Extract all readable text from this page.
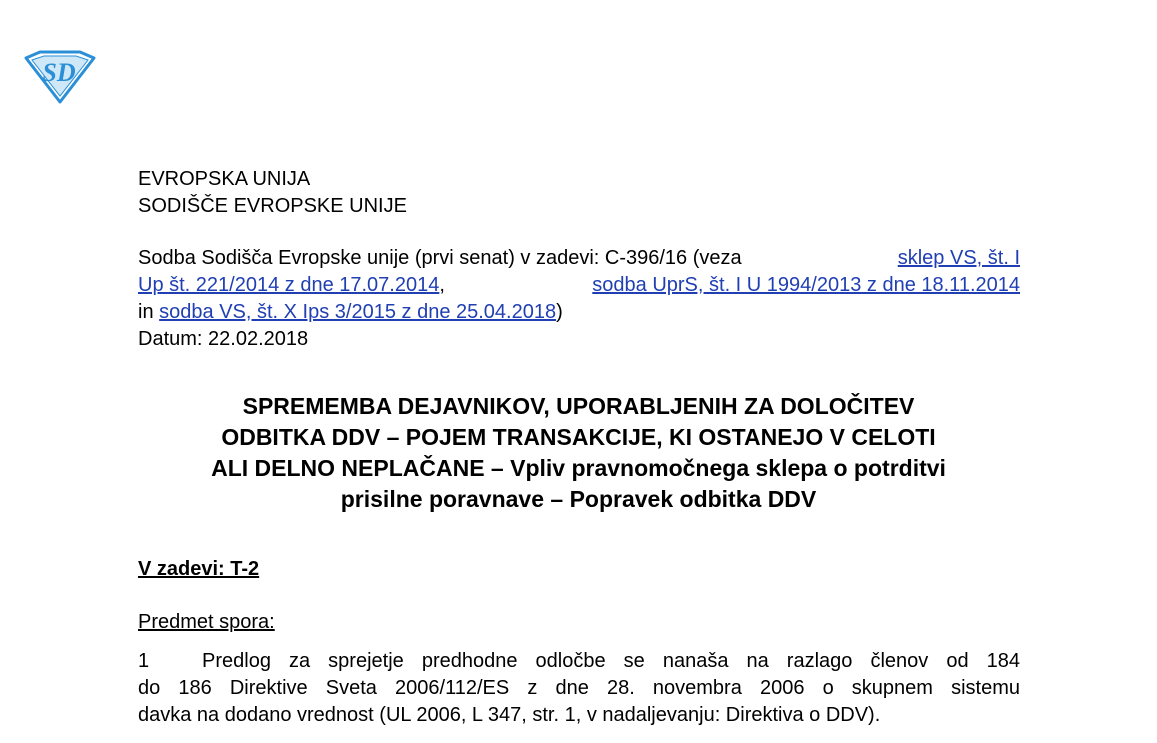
SD
EVROPSKA UNIJA
SODIŠČE EVROPSKE UNIJE
Sodba Sodišča Evropske unije (prvi senat) v zadevi: C-396/16 (veza	sklep VS, št. I
Up št. 221/2014 z dne 17.07.2014,	sodba UprS, št. I U 1994/2013 z dne 18.11.2014
in sodba VS, št. X Ips 3/2015 z dne 25.04.2018)
Datum: 22.02.2018
SPREMEMBA DEJAVNIKOV, UPORABLJENIH ZA DOLOČITEV
ODBITKA DDV – POJEM TRANSAKCIJE, KI OSTANEJO V CELOTI
ALI DELNO NEPLAČANE – Vpliv pravnomočnega sklepa o potrditvi
prisilne poravnave – Popravek odbitka DDV
V zadevi: T-2
Predmet spora:
1	Predlog za sprejetje predhodne odločbe se nanaša na razlago členov od 184
do 186 Direktive Sveta 2006/112/ES z dne 28. novembra 2006 o skupnem sistemu
davka na dodano vrednost (UL 2006, L 347, str. 1, v nadaljevanju: Direktiva o DDV).
